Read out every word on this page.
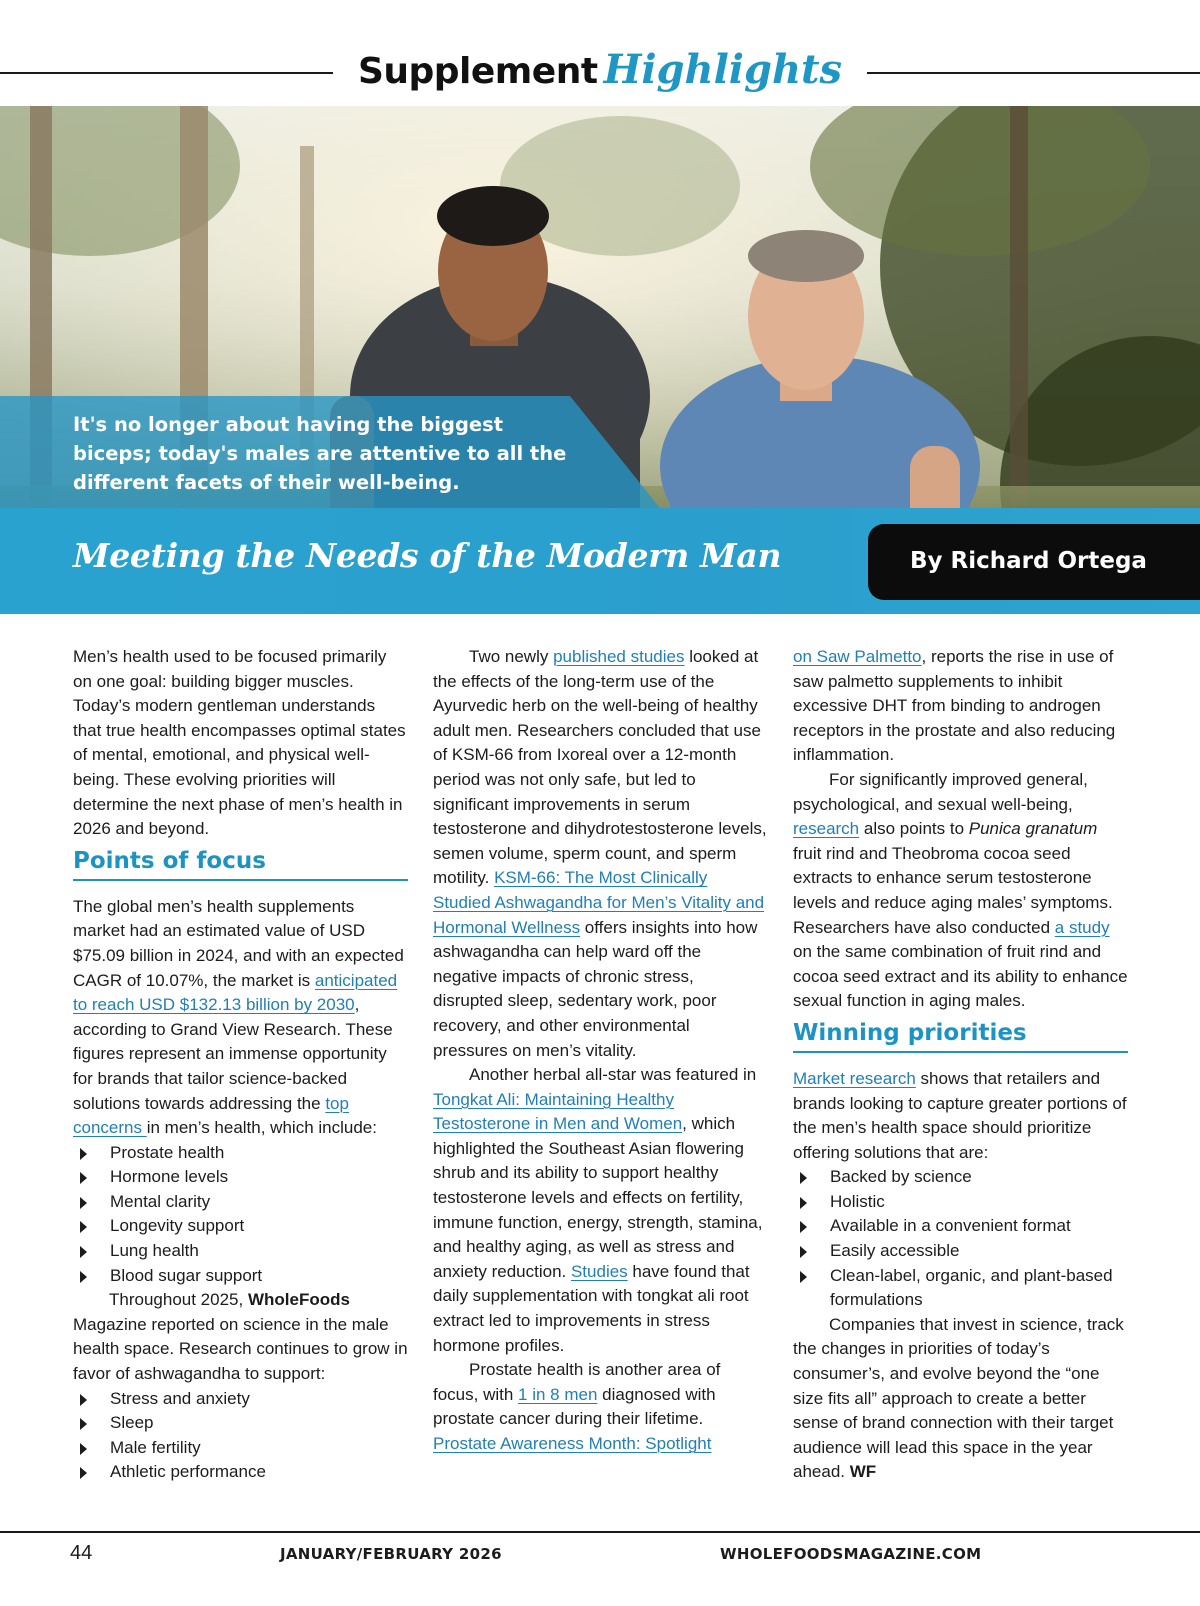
Supplement Highlights
It's no longer about having the biggest biceps; today's males are attentive to all the different facets of their well-being.
Meeting the Needs of the Modern Man	By Richard Ortega

Men’s health used to be focused primarily on one goal: building bigger muscles. Today’s modern gentleman understands that true health encompasses optimal states of mental, emotional, and physical well-being. These evolving priorities will determine the next phase of men’s health in 2026 and beyond.

Points of focus

The global men’s health supplements market had an estimated value of USD $75.09 billion in 2024, and with an expected CAGR of 10.07%, the market is anticipated to reach USD $132.13 billion by 2030, according to Grand View Research. These figures represent an immense opportunity for brands that tailor science-backed solutions towards addressing the top concerns in men’s health, which include:

Prostate health
Hormone levels
Mental clarity
Longevity support
Lung health
Blood sugar support

Throughout 2025, WholeFoods Magazine reported on science in the male health space. Research continues to grow in favor of ashwagandha to support:

Stress and anxiety
Sleep
Male fertility
Athletic performance

Two newly published studies looked at the effects of the long-term use of the Ayurvedic herb on the well-being of healthy adult men. Researchers concluded that use of KSM-66 from Ixoreal over a 12-month period was not only safe, but led to significant improvements in serum testosterone and dihydrotestosterone levels, semen volume, sperm count, and sperm motility. KSM-66: The Most Clinically Studied Ashwagandha for Men’s Vitality and Hormonal Wellness offers insights into how ashwagandha can help ward off the negative impacts of chronic stress, disrupted sleep, sedentary work, poor recovery, and other environmental pressures on men’s vitality.

Another herbal all-star was featured in Tongkat Ali: Maintaining Healthy Testosterone in Men and Women, which highlighted the Southeast Asian flowering shrub and its ability to support healthy testosterone levels and effects on fertility, immune function, energy, strength, stamina, and healthy aging, as well as stress and anxiety reduction. Studies have found that daily supplementation with tongkat ali root extract led to improvements in stress hormone profiles.

Prostate health is another area of focus, with 1 in 8 men diagnosed with prostate cancer during their lifetime. Prostate Awareness Month: Spotlight

on Saw Palmetto, reports the rise in use of saw palmetto supplements to inhibit excessive DHT from binding to androgen receptors in the prostate and also reducing inflammation.

For significantly improved general, psychological, and sexual well-being, research also points to Punica granatum fruit rind and Theobroma cocoa seed extracts to enhance serum testosterone levels and reduce aging males’ symptoms. Researchers have also conducted a study on the same combination of fruit rind and cocoa seed extract and its ability to enhance sexual function in aging males.

Winning priorities

Market research shows that retailers and brands looking to capture greater portions of the men’s health space should prioritize offering solutions that are:

Backed by science
Holistic
Available in a convenient format
Easily accessible
Clean-label, organic, and plant-based formulations

Companies that invest in science, track the changes in priorities of today’s consumer’s, and evolve beyond the “one size fits all” approach to create a better sense of brand connection with their target audience will lead this space in the year ahead. WF

44	JANUARY/FEBRUARY 2026	WHOLEFOODSMAGAZINE.COM
